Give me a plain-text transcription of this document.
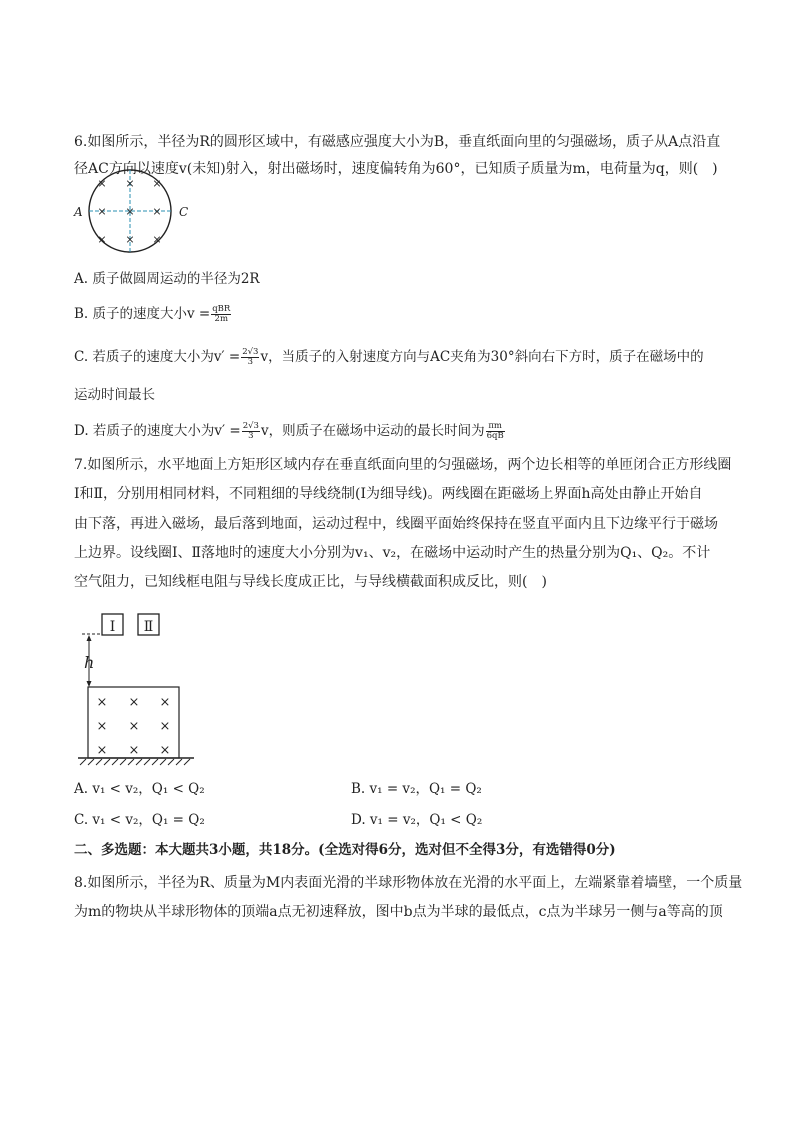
6.如图所示，半径为R的圆形区域中，有磁感应强度大小为B，垂直纸面向里的匀强磁场，质子从A点沿直
径AC方向以速度v(未知)射入，射出磁场时，速度偏转角为60°，已知质子质量为m，电荷量为q，则(　)
× × ×
× × ×
× × ×
A	C
A. 质子做圆周运动的半径为2R
B. 质子的速度大小$v = \frac{\text{qBR}}{2m}$
C. 若质子的速度大小为$v' = \frac{2√3}{3}$ v，当质子的入射速度方向与AC夹角为30°斜向右下方时，质子在磁场中的
运动时间最长
D. 若质子的速度大小为$v' = \frac{2√3}{3}$ v，则质子在磁场中运动的最长时间为 $\frac{\pi m}{6qB}$
7.如图所示，水平地面上方矩形区域内存在垂直纸面向里的匀强磁场，两个边长相等的单匝闭合正方形线圈
Ⅰ和Ⅱ，分别用相同材料，不同粗细的导线绕制(Ⅰ为细导线)。两线圈在距磁场上界面h高处由静止开始自
由下落，再进入磁场，最后落到地面，运动过程中，线圈平面始终保持在竖直平面内且下边缘平行于磁场
上边界。设线圈Ⅰ、Ⅱ落地时的速度大小分别为v₁、v₂，在磁场中运动时产生的热量分别为Q₁、Q₂。不计
空气阻力，已知线框电阻与导线长度成正比，与导线横截面积成反比，则(　)
Ⅰ Ⅱ
h
× × ×
× × ×
× × ×
A. v₁ < v₂，Q₁ < Q₂	B. v₁ = v₂，Q₁ = Q₂
C. v₁ < v₂，Q₁ = Q₂	D. v₁ = v₂，Q₁ < Q₂
二、多选题：本大题共3小题，共18分。(全选对得6分，选对但不全得3分，有选错得0分)
8.如图所示，半径为R、质量为M内表面光滑的半球形物体放在光滑的水平面上，左端紧靠着墙壁，一个质量
为m的物块从半球形物体的顶端a点无初速释放，图中b点为半球的最低点，c点为半球另一侧与a等高的顶
